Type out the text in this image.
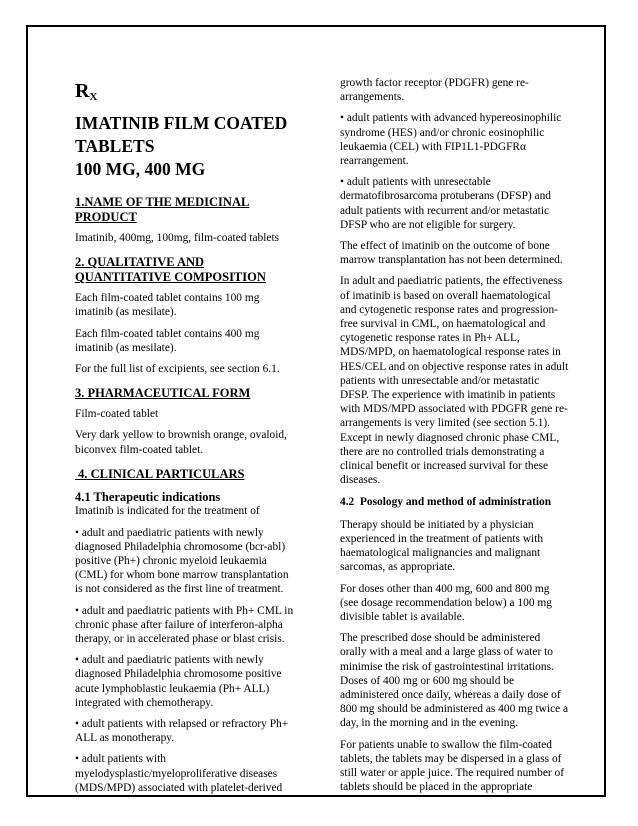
$R_X$
IMATINIB FILM COATED
TABLETS
100 MG, 400 MG
1.NAME OF THE MEDICINAL
PRODUCT

Imatinib, 400mg, 100mg, film-coated tablets

2. QUALITATIVE AND
QUANTITATIVE COMPOSITION

Each film-coated tablet contains 100 mg imatinib (as mesilate).

Each film-coated tablet contains 400 mg imatinib (as mesilate).

For the full list of excipients, see section 6.1.

3. PHARMACEUTICAL FORM

Film-coated tablet

Very dark yellow to brownish orange, ovaloid, biconvex film-coated tablet.

4. CLINICAL PARTICULARS
4.1 Therapeutic indications

Imatinib is indicated for the treatment of

• adult and paediatric patients with newly diagnosed Philadelphia chromosome (bcr-abl) positive (Ph+) chronic myeloid leukaemia (CML) for whom bone marrow transplantation is not considered as the first line of treatment.

• adult and paediatric patients with Ph+ CML in chronic phase after failure of interferon-alpha therapy, or in accelerated phase or blast crisis.

• adult and paediatric patients with newly diagnosed Philadelphia chromosome positive acute lymphoblastic leukaemia (Ph+ ALL) integrated with chemotherapy.

• adult patients with relapsed or refractory Ph+ ALL as monotherapy.

• adult patients with myelodysplastic/myeloproliferative diseases (MDS/MPD) associated with platelet-derived

growth factor receptor (PDGFR) gene re-arrangements.

• adult patients with advanced hypereosinophilic syndrome (HES) and/or chronic eosinophilic leukaemia (CEL) with FIP1L1-PDGFRα rearrangement.

• adult patients with unresectable dermatofibrosarcoma protuberans (DFSP) and adult patients with recurrent and/or metastatic DFSP who are not eligible for surgery.

The effect of imatinib on the outcome of bone marrow transplantation has not been determined.

In adult and paediatric patients, the effectiveness of imatinib is based on overall haematological and cytogenetic response rates and progression-free survival in CML, on haematological and cytogenetic response rates in Ph+ ALL, MDS/MPD, on haematological response rates in HES/CEL and on objective response rates in adult patients with unresectable and/or metastatic DFSP. The experience with imatinib in patients with MDS/MPD associated with PDGFR gene re-arrangements is very limited (see section 5.1). Except in newly diagnosed chronic phase CML, there are no controlled trials demonstrating a clinical benefit or increased survival for these diseases.

4.2  Posology and method of administration

Therapy should be initiated by a physician experienced in the treatment of patients with haematological malignancies and malignant sarcomas, as appropriate.

For doses other than 400 mg, 600 and 800 mg (see dosage recommendation below) a 100 mg divisible tablet is available.

The prescribed dose should be administered orally with a meal and a large glass of water to minimise the risk of gastrointestinal irritations. Doses of 400 mg or 600 mg should be administered once daily, whereas a daily dose of 800 mg should be administered as 400 mg twice a day, in the morning and in the evening.

For patients unable to swallow the film-coated tablets, the tablets may be dispersed in a glass of still water or apple juice. The required number of tablets should be placed in the appropriate
